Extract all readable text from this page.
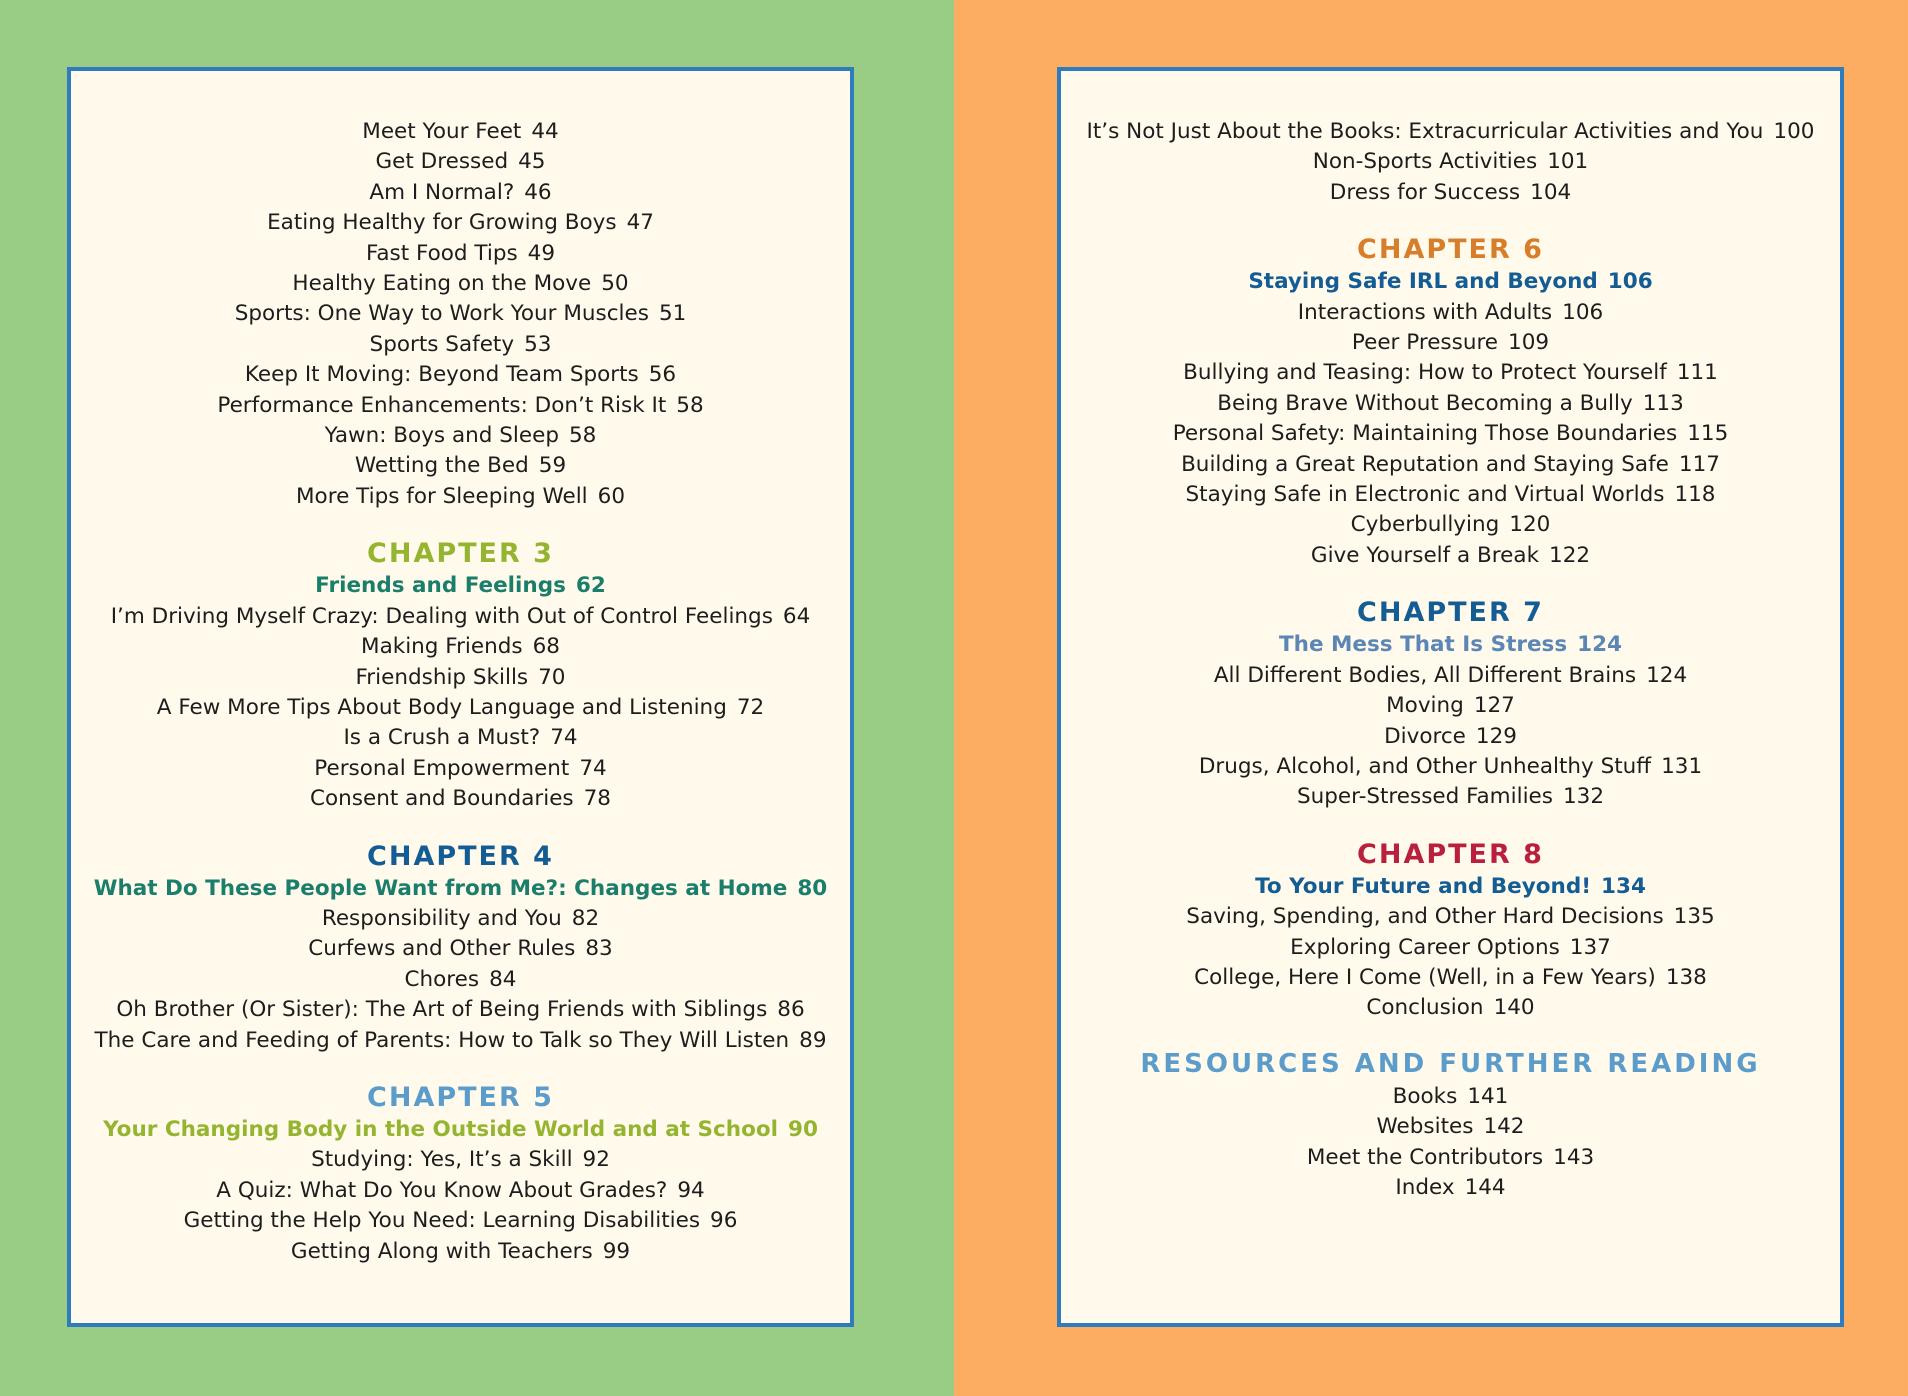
Meet Your Feet 44
Get Dressed 45
Am I Normal? 46
Eating Healthy for Growing Boys 47
Fast Food Tips 49
Healthy Eating on the Move 50
Sports: One Way to Work Your Muscles 51
Sports Safety 53
Keep It Moving: Beyond Team Sports 56
Performance Enhancements: Don’t Risk It 58
Yawn: Boys and Sleep 58
Wetting the Bed 59
More Tips for Sleeping Well 60
CHAPTER 3
Friends and Feelings 62
I’m Driving Myself Crazy: Dealing with Out of Control Feelings 64
Making Friends 68
Friendship Skills 70
A Few More Tips About Body Language and Listening 72
Is a Crush a Must? 74
Personal Empowerment 74
Consent and Boundaries 78
CHAPTER 4
What Do These People Want from Me?: Changes at Home 80
Responsibility and You 82
Curfews and Other Rules 83
Chores 84
Oh Brother (Or Sister): The Art of Being Friends with Siblings 86
The Care and Feeding of Parents: How to Talk so They Will Listen 89
CHAPTER 5
Your Changing Body in the Outside World and at School 90
Studying: Yes, It’s a Skill 92
A Quiz: What Do You Know About Grades? 94
Getting the Help You Need: Learning Disabilities 96
Getting Along with Teachers 99
It’s Not Just About the Books: Extracurricular Activities and You 100
Non-Sports Activities 101
Dress for Success 104
CHAPTER 6
Staying Safe IRL and Beyond 106
Interactions with Adults 106
Peer Pressure 109
Bullying and Teasing: How to Protect Yourself 111
Being Brave Without Becoming a Bully 113
Personal Safety: Maintaining Those Boundaries 115
Building a Great Reputation and Staying Safe 117
Staying Safe in Electronic and Virtual Worlds 118
Cyberbullying 120
Give Yourself a Break 122
CHAPTER 7
The Mess That Is Stress 124
All Different Bodies, All Different Brains 124
Moving 127
Divorce 129
Drugs, Alcohol, and Other Unhealthy Stuff 131
Super-Stressed Families 132
CHAPTER 8
To Your Future and Beyond! 134
Saving, Spending, and Other Hard Decisions 135
Exploring Career Options 137
College, Here I Come (Well, in a Few Years) 138
Conclusion 140
RESOURCES AND FURTHER READING
Books 141
Websites 142
Meet the Contributors 143
Index 144
